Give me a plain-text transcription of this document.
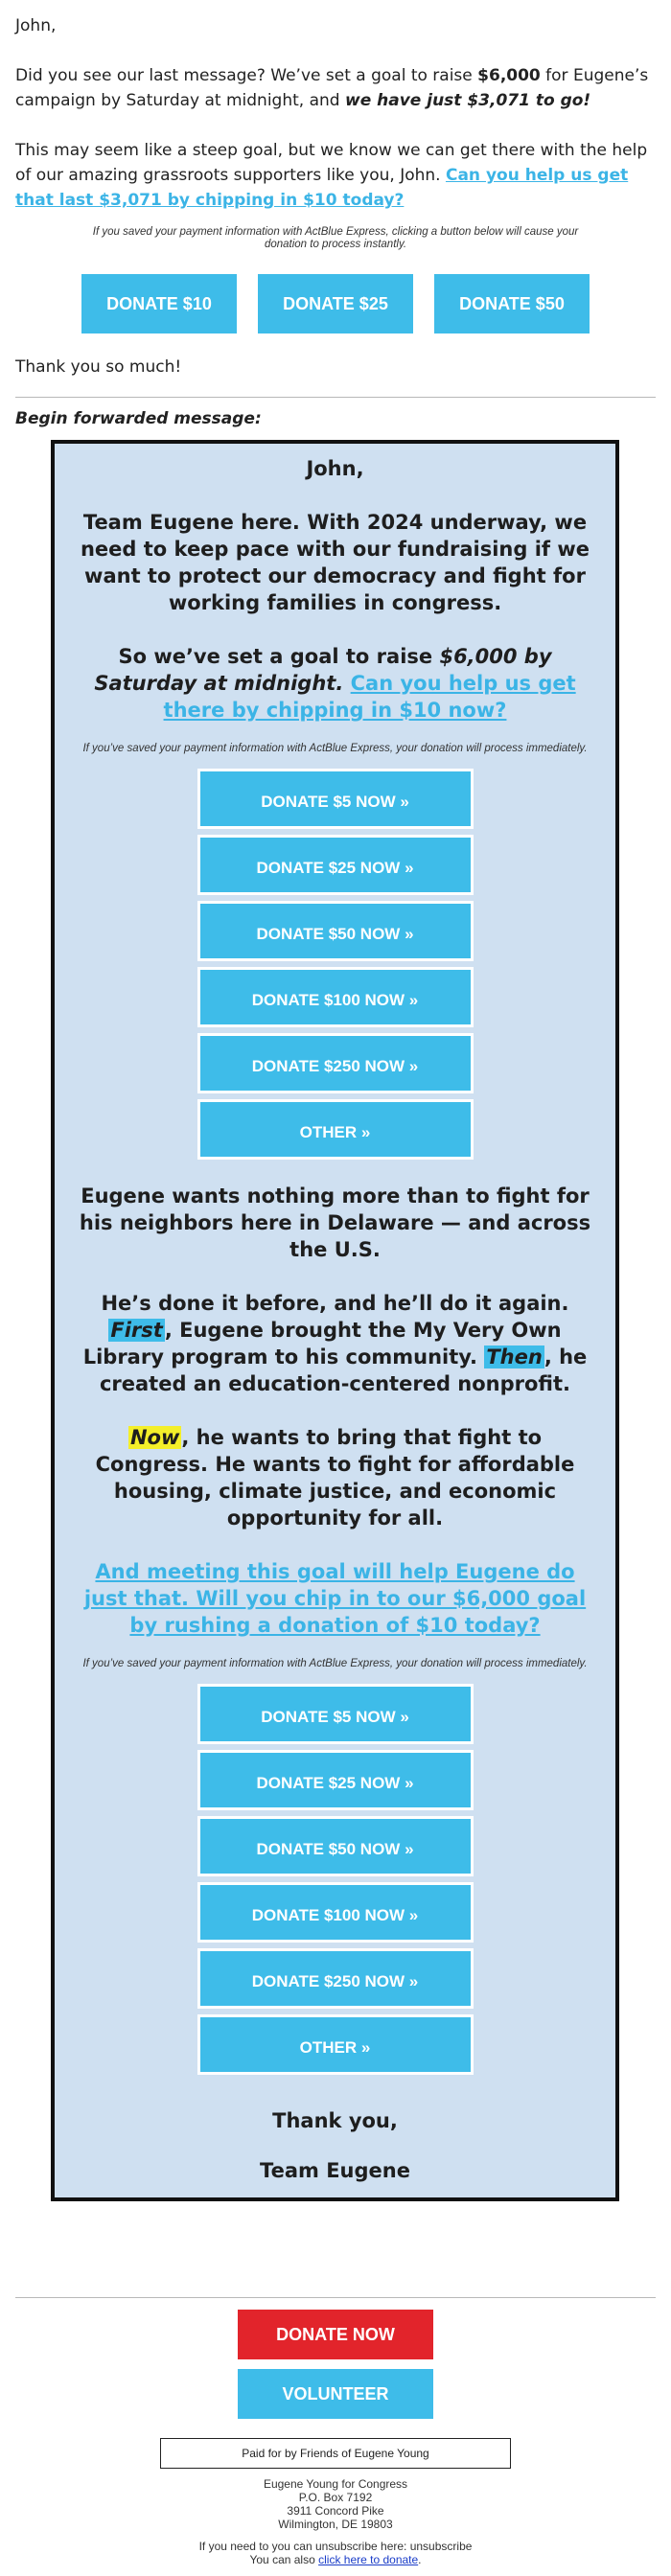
John,

Did you see our last message? We’ve set a goal to raise $6,000 for Eugene’s campaign by Saturday at midnight, and we have just $3,071 to go!

This may seem like a steep goal, but we know we can get there with the help of our amazing grassroots supporters like you, John. Can you help us get that last $3,071 by chipping in $10 today?

If you saved your payment information with ActBlue Express, clicking a button below will cause your donation to process instantly.
DONATE $10	DONATE $25	DONATE $50

Thank you so much!

Begin forwarded message:

John,

Team Eugene here. With 2024 underway, we need to keep pace with our fundraising if we want to protect our democracy and fight for working families in congress.

So we’ve set a goal to raise $6,000 by Saturday at midnight. Can you help us get there by chipping in $10 now?

If you’ve saved your payment information with ActBlue Express, your donation will process immediately.
DONATE $5 NOW »
DONATE $25 NOW »
DONATE $50 NOW »
DONATE $100 NOW »
DONATE $250 NOW »
OTHER »

Eugene wants nothing more than to fight for his neighbors here in Delaware — and across the U.S.

He’s done it before, and he’ll do it again. First, Eugene brought the My Very Own Library program to his community. Then, he created an education-centered nonprofit.

Now, he wants to bring that fight to Congress. He wants to fight for affordable housing, climate justice, and economic opportunity for all.

And meeting this goal will help Eugene do just that. Will you chip in to our $6,000 goal by rushing a donation of $10 today?

If you’ve saved your payment information with ActBlue Express, your donation will process immediately.
DONATE $5 NOW »
DONATE $25 NOW »
DONATE $50 NOW »
DONATE $100 NOW »
DONATE $250 NOW »
OTHER »

Thank you,

Team Eugene

DONATE NOW
VOLUNTEER
Paid for by Friends of Eugene Young
Eugene Young for Congress
P.O. Box 7192
3911 Concord Pike
Wilmington, DE 19803
If you need to you can unsubscribe here: unsubscribe
You can also click here to donate.
